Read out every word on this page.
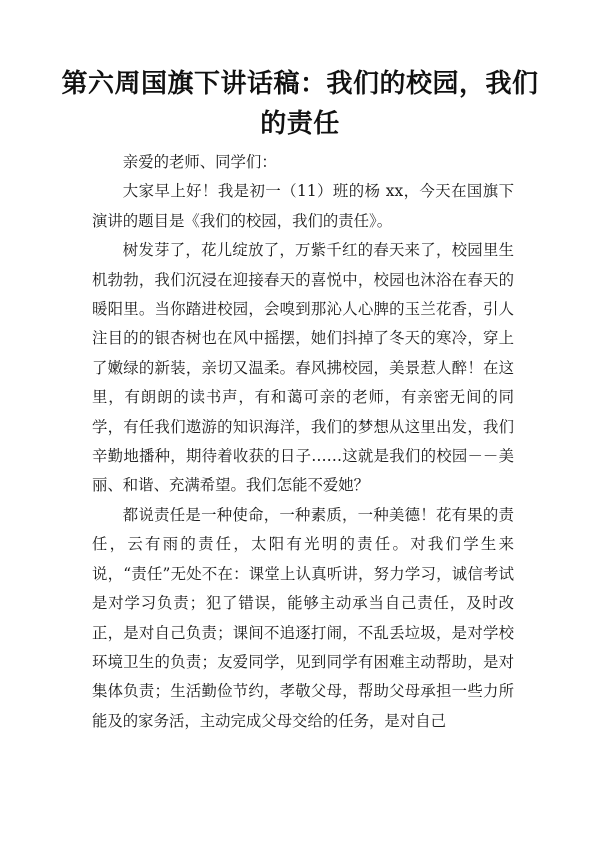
第六周国旗下讲话稿：我们的校园，我们的责任

亲爱的老师、同学们：

大家早上好！我是初一（11）班的杨 xx，今天在国旗下演讲的题目是《我们的校园，我们的责任》。

树发芽了，花儿绽放了，万紫千红的春天来了，校园里生机勃勃，我们沉浸在迎接春天的喜悦中，校园也沐浴在春天的暖阳里。当你踏进校园，会嗅到那沁人心脾的玉兰花香，引人注目的的银杏树也在风中摇摆，她们抖掉了冬天的寒冷，穿上了嫩绿的新装，亲切又温柔。春风拂校园，美景惹人醉！在这里，有朗朗的读书声，有和蔼可亲的老师，有亲密无间的同学，有任我们遨游的知识海洋，我们的梦想从这里出发，我们辛勤地播种，期待着收获的日子……这就是我们的校园－－美丽、和谐、充满希望。我们怎能不爱她？

都说责任是一种使命，一种素质，一种美德！花有果的责任，云有雨的责任，太阳有光明的责任。对我们学生来说，“责任”无处不在：课堂上认真听讲，努力学习，诚信考试是对学习负责；犯了错误，能够主动承当自己责任，及时改正，是对自己负责；课间不追逐打闹，不乱丢垃圾，是对学校环境卫生的负责；友爱同学，见到同学有困难主动帮助，是对集体负责；生活勤俭节约，孝敬父母，帮助父母承担一些力所能及的家务活，主动完成父母交给的任务，是对自己
